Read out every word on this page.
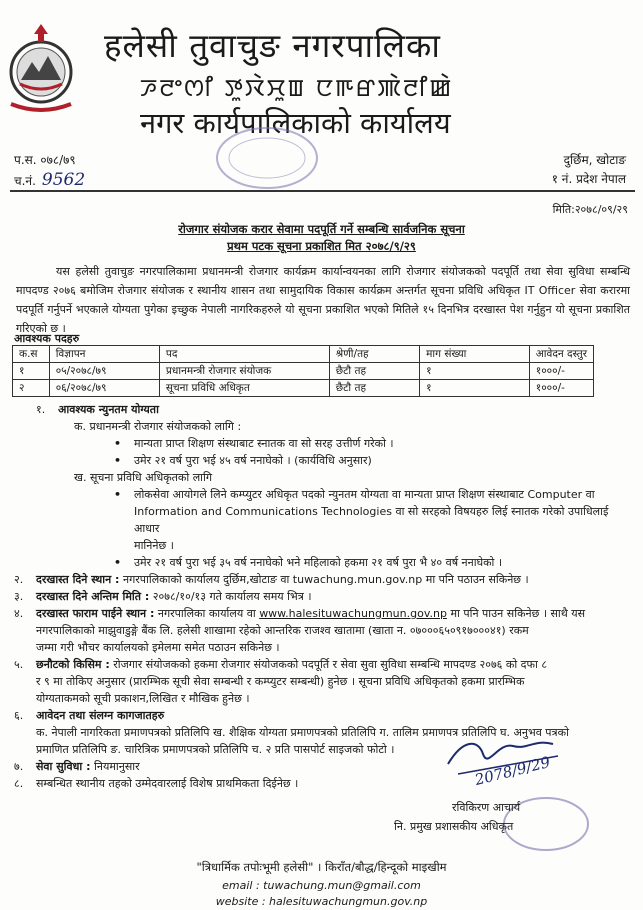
हलेसी तुवाचुङ नगरपालिका
ꯍꯂꯦꯁꯤ ꯇꯨꯋꯥꯆꯨꯡ ꯅꯒꯔꯄꯥꯂꯤꯀꯥ
नगर कार्यपालिकाको कार्यालय
प.स. ०७८/७९
च.नं. 9562
दुर्छिम, खोटाङ
१ नं. प्रदेश नेपाल
मिति:२०७८/०९/२९
रोजगार संयोजक करार सेवामा पदपूर्ति गर्ने सम्बन्धि सार्वजनिक सूचना
प्रथम पटक सूचना प्रकाशित मित २०७८/९/२९
यस हलेसी तुवाचुङ नगरपालिकामा प्रधानमन्त्री रोजगार कार्यक्रम कार्यान्वयनका लागि रोजगार संयोजकको पदपूर्ति तथा सेवा सुविधा सम्बन्धि मापदण्ड २०७६ बमोजिम रोजगार संयोजक र स्थानीय शासन तथा सामुदायिक विकास कार्यक्रम अन्तर्गत सूचना प्रविधि अधिकृत IT Officer सेवा करारमा पदपूर्ति गर्नुपर्ने भएकाले योग्यता पुगेका इच्छुक नेपाली नागरिकहरुले यो सूचना प्रकाशित भएको मितिले १५ दिनभित्र दरखास्त पेश गर्नुहुन यो सूचना प्रकाशित गरिएको छ ।
आवश्यक पदहरु
क.स	विज्ञापन	पद	श्रेणी/तह	माग संख्या	आवेदन दस्तुर
१	०५/२०७८/७९	प्रधानमन्त्री रोजगार संयोजक	छैटौ तह	१	१०००/-
२	०६/२०७८/७९	सूचना प्रविधि अधिकृत	छैटौ तह	१	१०००/-

१. आवश्यक न्युनतम योग्यता

क. प्रधानमन्त्री रोजगार संयोजकको लागि :

• मान्यता प्राप्त शिक्षण संस्थाबाट स्नातक वा सो सरह उत्तीर्ण गरेको ।

• उमेर २१ वर्ष पुरा भई ४५ वर्ष ननाघेको । (कार्यविधि अनुसार)

ख. सूचना प्रविधि अधिकृतको लागि

• लोकसेवा आयोगले लिने कम्प्युटर अधिकृत पदको न्युनतम योग्यता वा मान्यता प्राप्त शिक्षण संस्थाबाट Computer वा

Information and Communications Technologies वा सो सरहको विषयहरु लिई स्नातक गरेको उपाधिलाई आधार

मानिनेछ ।

• उमेर २१ वर्ष पुरा भई ३५ वर्ष ननाघेको भने महिलाको हकमा २१ वर्ष पुरा भै ४० वर्ष ननाघेको ।

२. दरखास्त दिने स्थान : नगरपालिकाको कार्यालय दुर्छिम,खोटाङ वा tuwachung.mun.gov.np मा पनि पठाउन सकिनेछ ।

३. दरखास्त दिने अन्तिम मिति : २०७८/१०/१३ गते कार्यालय समय भित्र ।

४. दरखास्त फाराम पाईने स्थान : नगरपालिका कार्यालय वा www.halesituwachungmun.gov.np मा पनि पाउन सकिनेछ । साथै यस

नगरपालिकाको माझुवाडुङ्गे बैंक लि. हलेसी शाखामा रहेको आन्तरिक राजश्व खातामा (खाता न. ०७०००६५०९१७०००४१) रकम

जम्मा गरी भौचर कार्यालयको इमेलमा समेत पठाउन सकिनेछ ।

५. छनौटको किसिम : रोजगार संयोजकको हकमा रोजगार संयोजकको पदपूर्ति र सेवा सुवा सुविधा सम्बन्धि मापदण्ड २०७६ को दफा ८

र ९ मा तोकिए अनुसार (प्रारम्भिक सूची सेवा सम्बन्धी र कम्प्युटर सम्बन्धी) हुनेछ । सूचना प्रविधि अधिकृतको हकमा प्रारम्भिक

योग्यताकमको सूची प्रकाशन,लिखित र मौखिक हुनेछ ।

६. आवेदन तथा संलग्न कागजातहरु

क. नेपाली नागरिकता प्रमाणपत्रको प्रतिलिपि ख. शैक्षिक योग्यता प्रमाणपत्रको प्रतिलिपि ग. तालिम प्रमाणपत्र प्रतिलिपि घ. अनुभव पत्रको

प्रमाणित प्रतिलिपि ङ. चारित्रिक प्रमाणपत्रको प्रतिलिपि च. २ प्रति पासपोर्ट साइजको फोटो ।

७. सेवा सुविधा : नियमानुसार

८. सम्बन्धित स्थानीय तहको उम्मेदवारलाई विशेष प्राथमिकता दिईनेछ ।	2078/9/29
रविकिरण आचार्य
नि. प्रमुख प्रशासकीय अधिकृत
"त्रिधार्मिक तपोःभूमी हलेसी" । किराँत/बौद्ध/हिन्दूको माइखीम
email : tuwachung.mun@gmail.com
website : halesituwachungmun.gov.np
